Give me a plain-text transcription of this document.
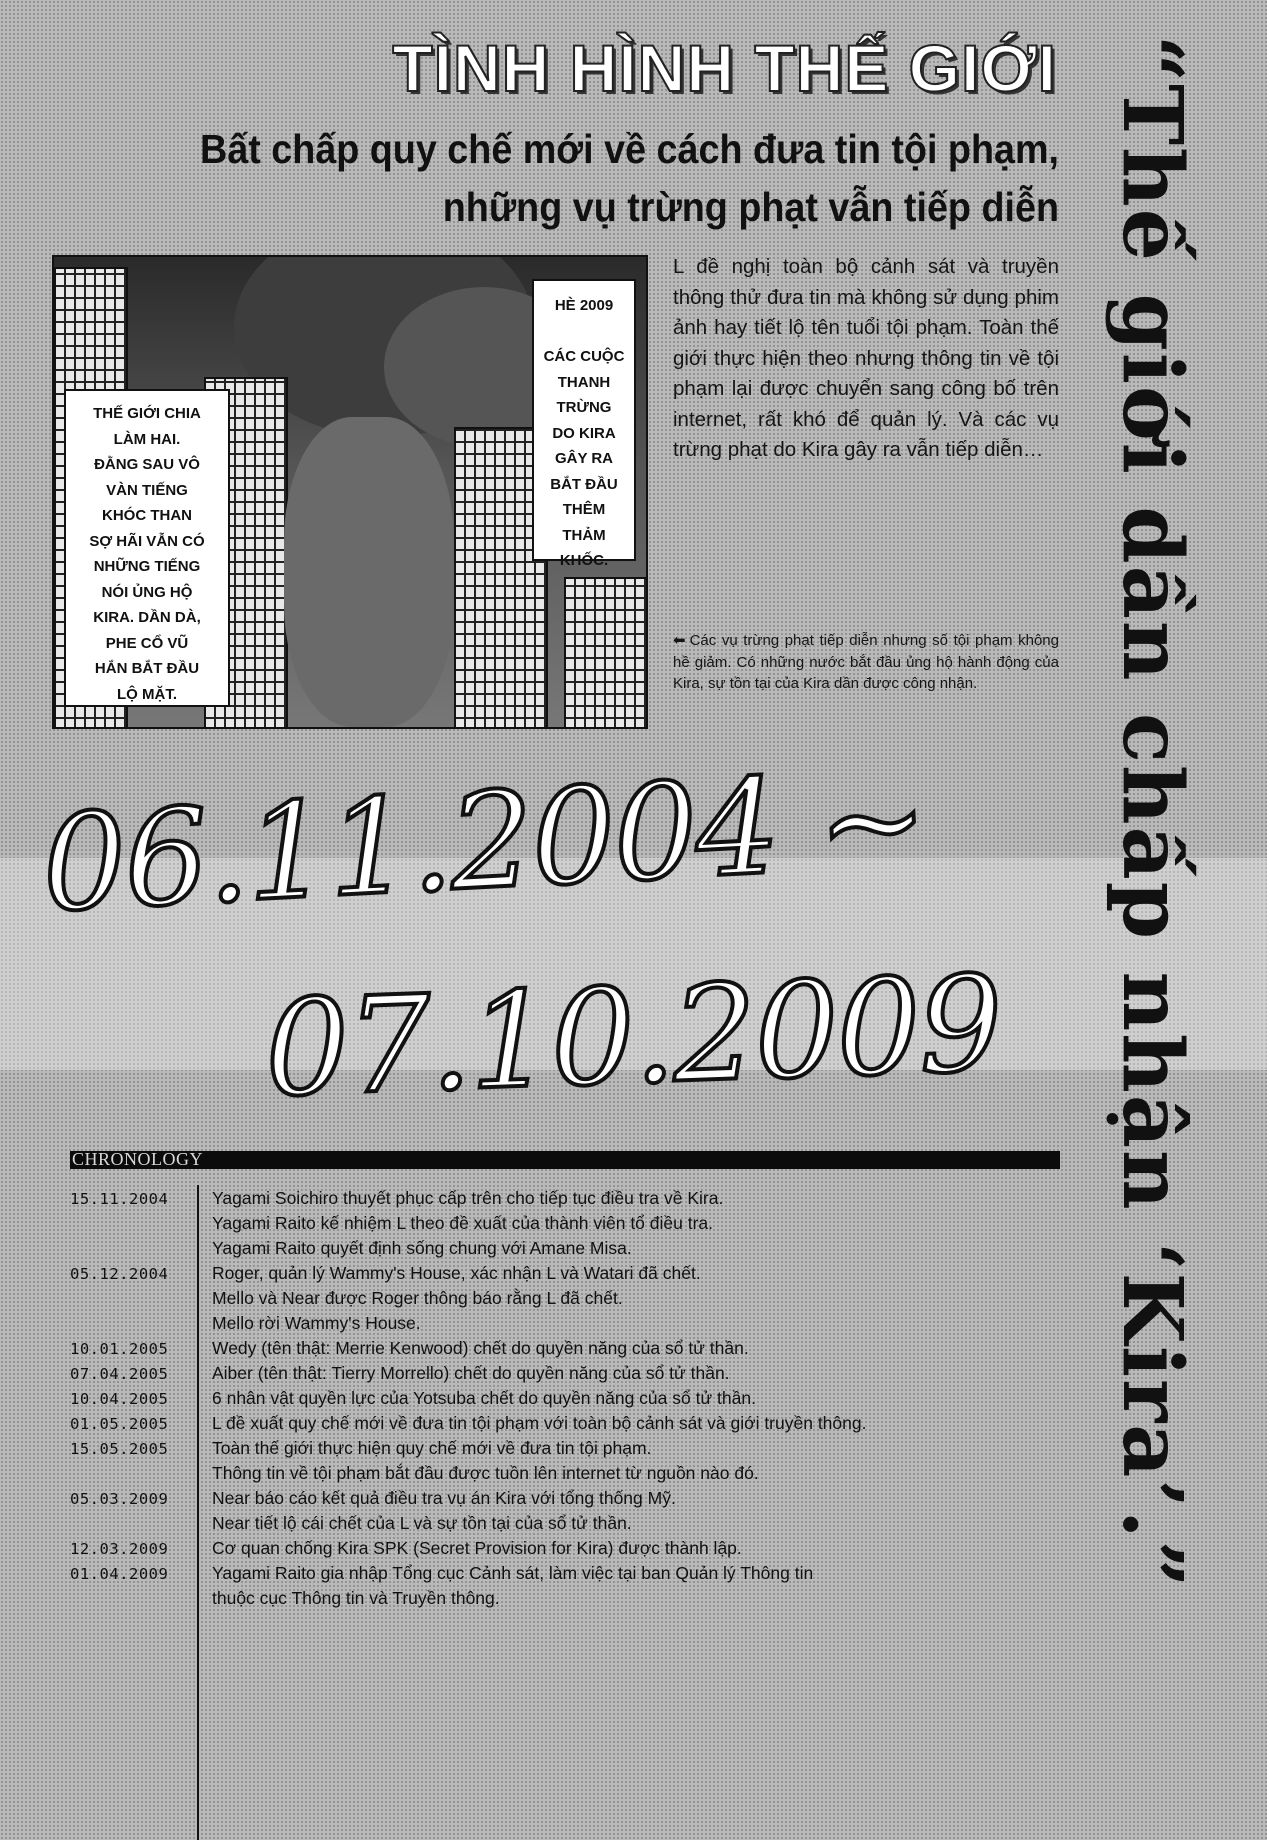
TÌNH HÌNH THẾ GIỚI
Bất chấp quy chế mới về cách đưa tin tội phạm,
những vụ trừng phạt vẫn tiếp diễn
THẾ GIỚI CHIA
LÀM HAI.
ĐẰNG SAU VÔ
VÀN TIẾNG
KHÓC THAN
SỢ HÃI VẪN CÓ
NHỮNG TIẾNG
NÓI ỦNG HỘ
KIRA. DẦN DÀ,
PHE CỔ VŨ
HẮN BẮT ĐẦU
LỘ MẶT.
HÈ 2009

CÁC CUỘC
THANH
TRỪNG
DO KIRA
GÂY RA
BẮT ĐẦU
THÊM
THẢM KHỐC.
L đề nghị toàn bộ cảnh sát và truyền thông thử đưa tin mà không sử dụng phim ảnh hay tiết lộ tên tuổi tội phạm. Toàn thế giới thực hiện theo nhưng thông tin về tội phạm lại được chuyển sang công bố trên internet, rất khó để quản lý. Và các vụ trừng phạt do Kira gây ra vẫn tiếp diễn…
⬅ Các vụ trừng phạt tiếp diễn nhưng số tội phạm không hề giảm. Có những nước bắt đầu ủng hộ hành động của Kira, sự tồn tại của Kira dần được công nhận.	“Thế giới dần chấp nhận ‘Kira’.”
06.11.2004 ~
07.10.2009
CHRONOLOGY
15.11.2004	Yagami Soichiro thuyết phục cấp trên cho tiếp tục điều tra về Kira.
Yagami Raito kế nhiệm L theo đề xuất của thành viên tổ điều tra.
Yagami Raito quyết định sống chung với Amane Misa.
05.12.2004	Roger, quản lý Wammy's House, xác nhận L và Watari đã chết.
Mello và Near được Roger thông báo rằng L đã chết.
Mello rời Wammy's House.
10.01.2005	Wedy (tên thật: Merrie Kenwood) chết do quyền năng của sổ tử thần.
07.04.2005	Aiber (tên thật: Tierry Morrello) chết do quyền năng của sổ tử thần.
10.04.2005	6 nhân vật quyền lực của Yotsuba chết do quyền năng của sổ tử thần.
01.05.2005	L đề xuất quy chế mới về đưa tin tội phạm với toàn bộ cảnh sát và giới truyền thông.
15.05.2005	Toàn thế giới thực hiện quy chế mới về đưa tin tội phạm.
Thông tin về tội phạm bắt đầu được tuồn lên internet từ nguồn nào đó.
05.03.2009	Near báo cáo kết quả điều tra vụ án Kira với tổng thống Mỹ.
Near tiết lộ cái chết của L và sự tồn tại của sổ tử thần.
12.03.2009	Cơ quan chống Kira SPK (Secret Provision for Kira) được thành lập.
01.04.2009	Yagami Raito gia nhập Tổng cục Cảnh sát, làm việc tại ban Quản lý Thông tin
thuộc cục Thông tin và Truyền thông.
